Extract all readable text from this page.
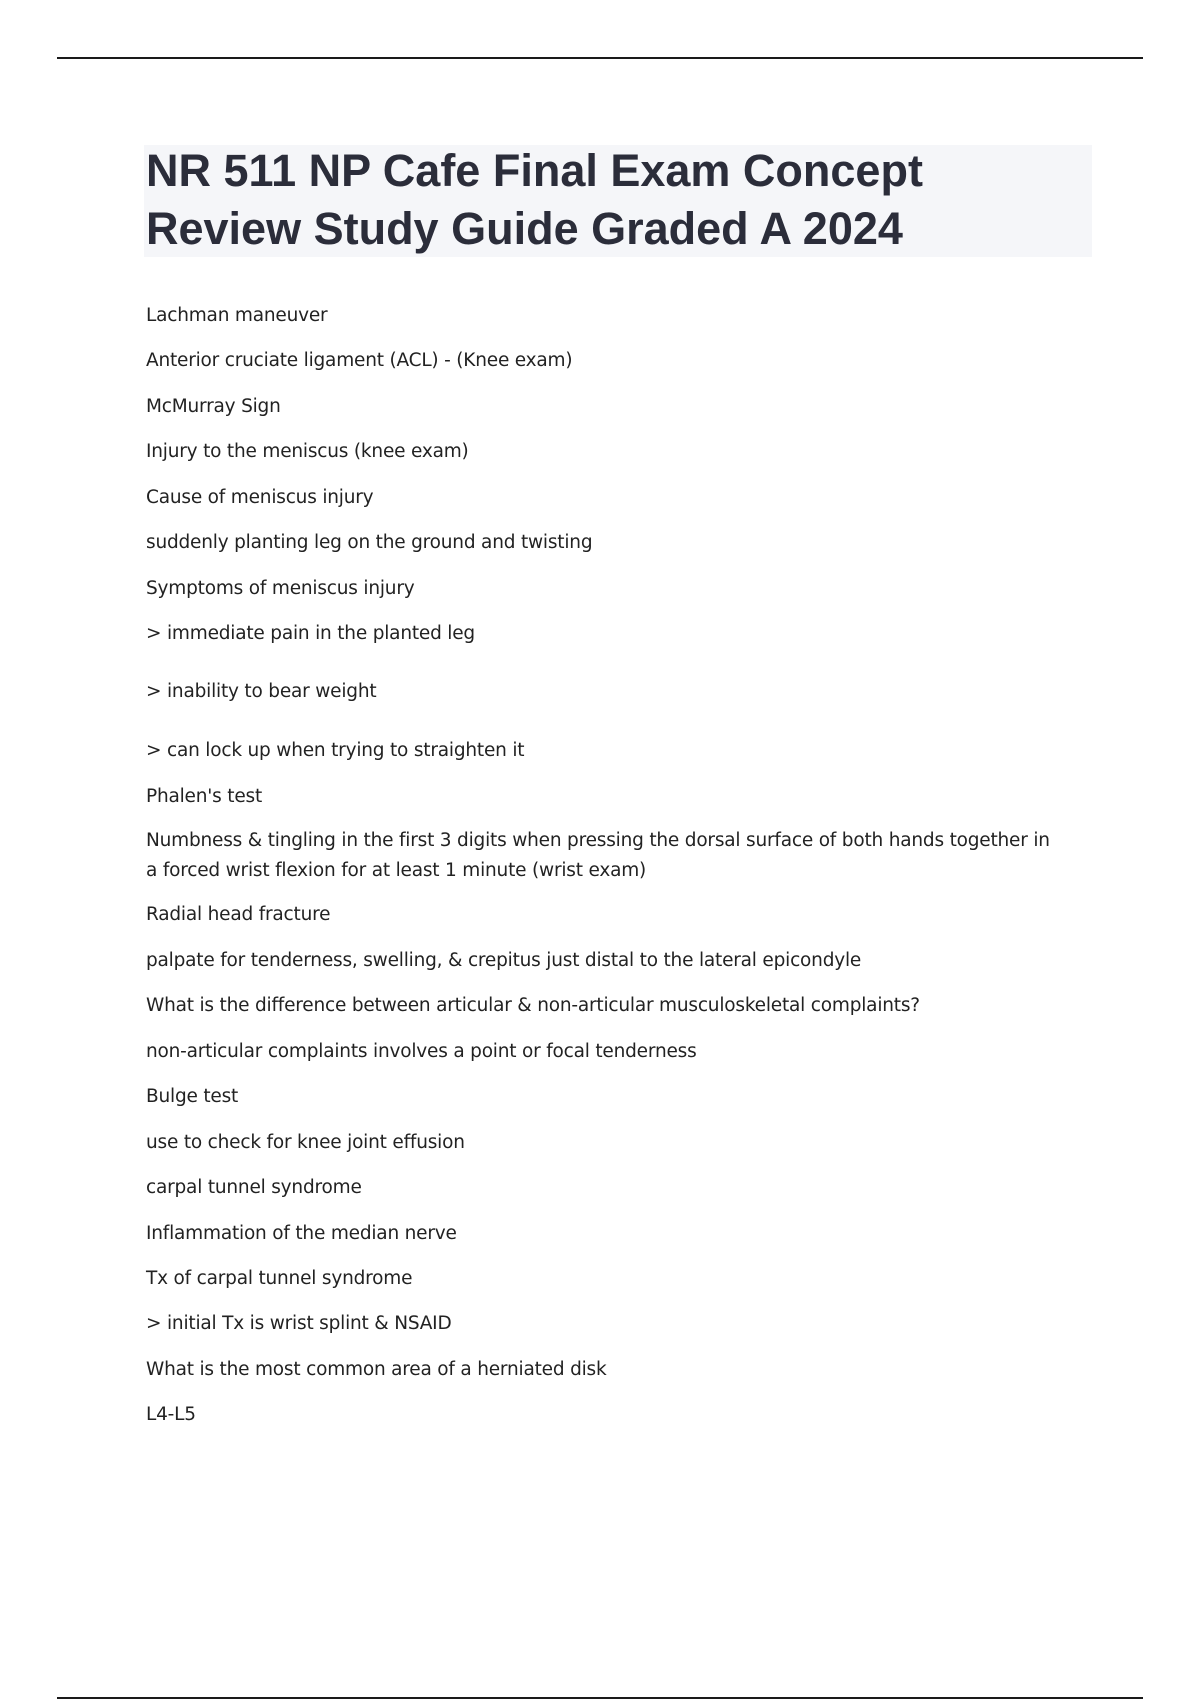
NR 511 NP Cafe Final Exam Concept Review Study Guide Graded A 2024
Lachman maneuver
Anterior cruciate ligament (ACL) - (Knee exam)
McMurray Sign
Injury to the meniscus (knee exam)
Cause of meniscus injury
suddenly planting leg on the ground and twisting
Symptoms of meniscus injury
> immediate pain in the planted leg
> inability to bear weight
> can lock up when trying to straighten it
Phalen's test
Numbness & tingling in the first 3 digits when pressing the dorsal surface of both hands together in a forced wrist flexion for at least 1 minute (wrist exam)
Radial head fracture
palpate for tenderness, swelling, & crepitus just distal to the lateral epicondyle
What is the difference between articular & non-articular musculoskeletal complaints?
non-articular complaints involves a point or focal tenderness
Bulge test
use to check for knee joint effusion
carpal tunnel syndrome
Inflammation of the median nerve
Tx of carpal tunnel syndrome
> initial Tx is wrist splint & NSAID
What is the most common area of a herniated disk
L4-L5
